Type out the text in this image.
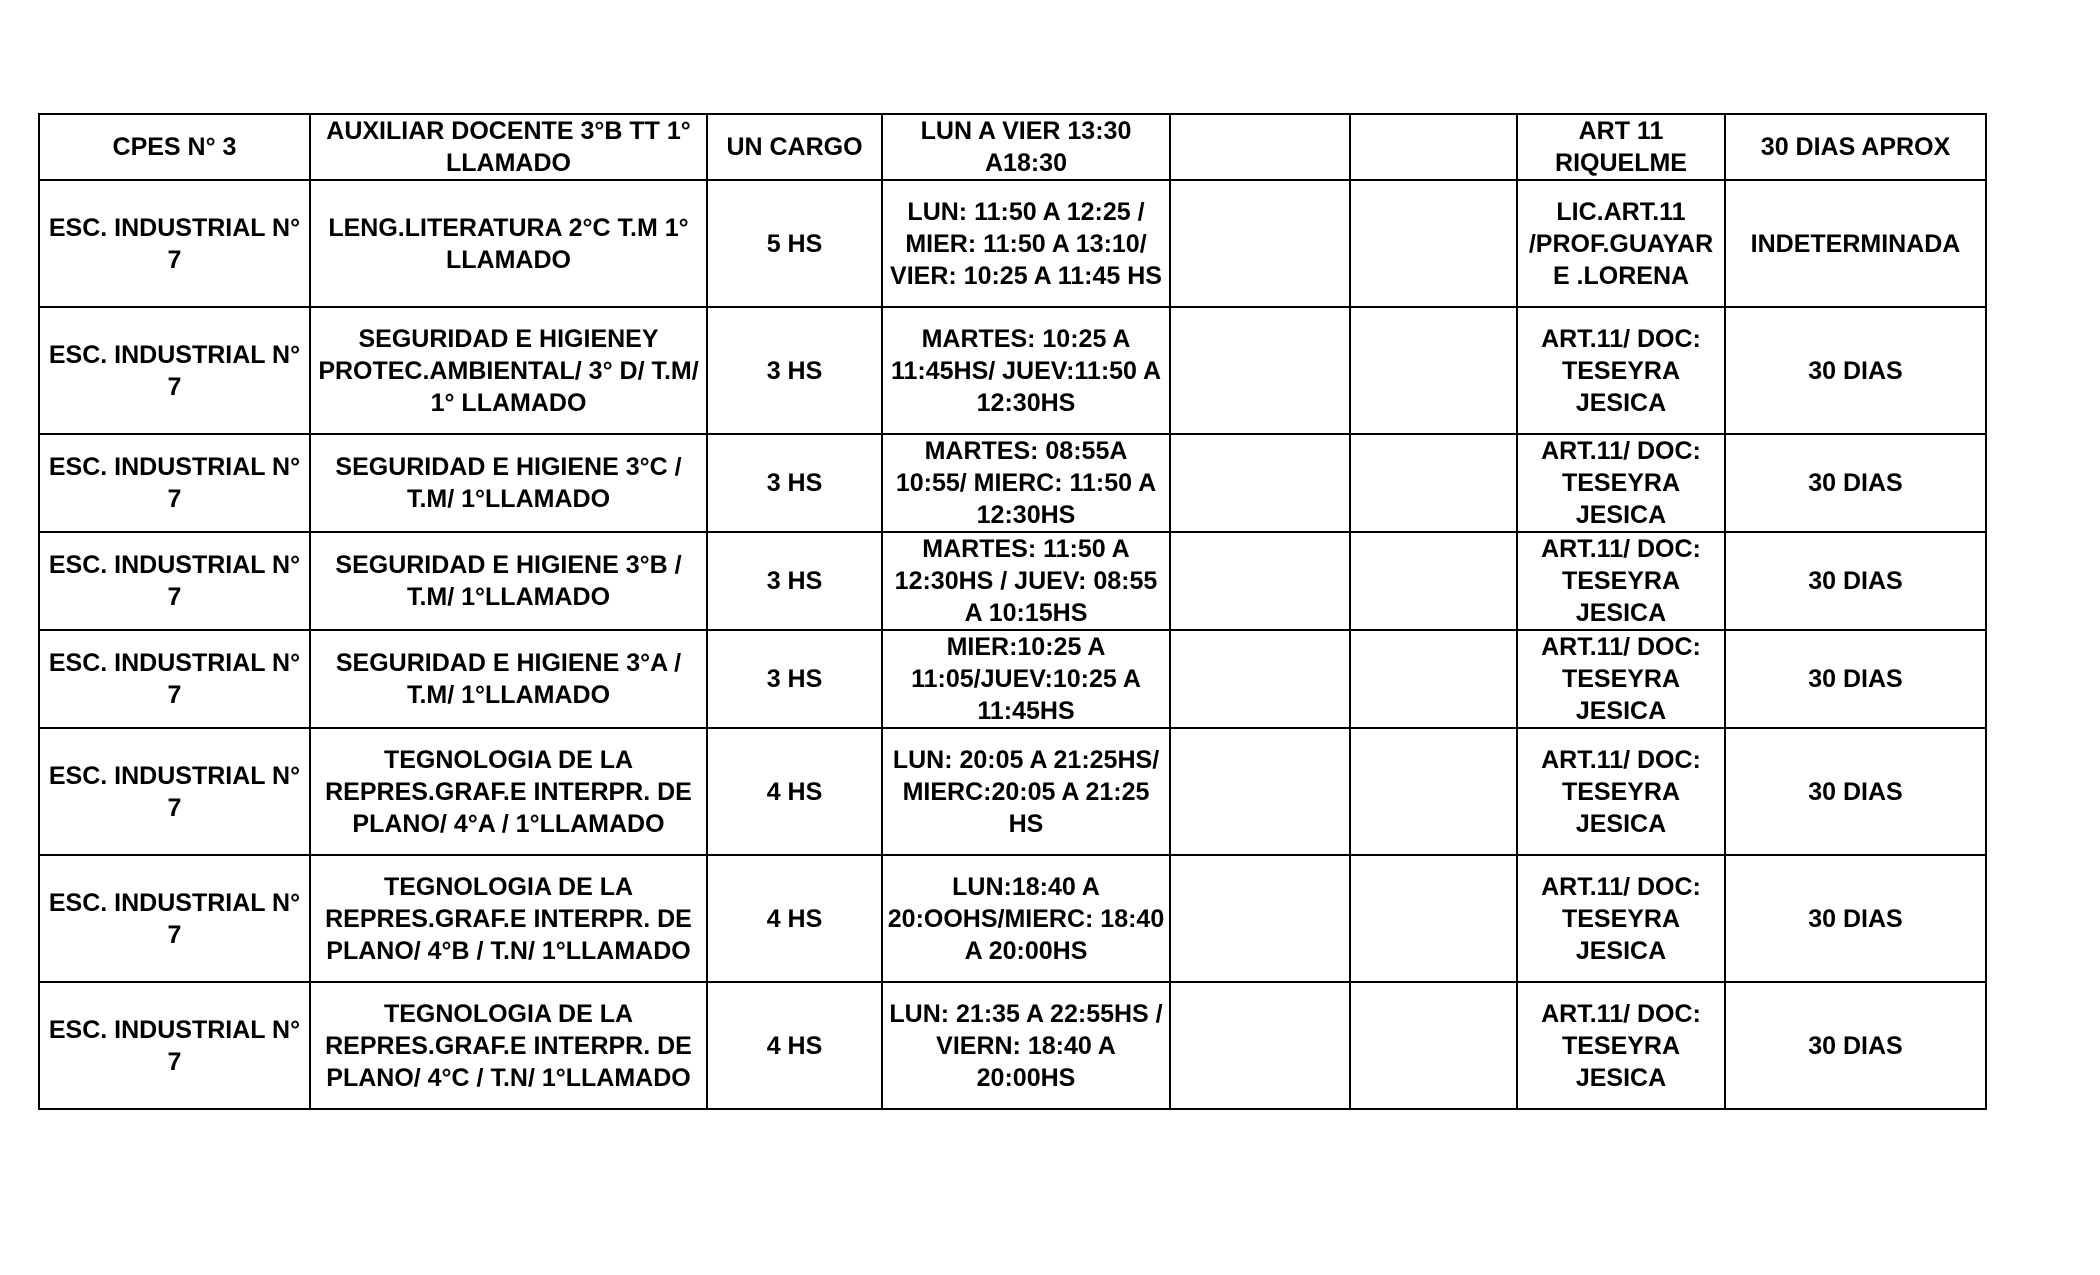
CPES N° 3	AUXILIAR DOCENTE 3°B TT 1° LLAMADO	UN CARGO	LUN A VIER 13:30 A18:30			ART 11 RIQUELME	30 DIAS APROX
ESC. INDUSTRIAL N° 7	LENG.LITERATURA 2°C T.M 1° LLAMADO	5 HS	LUN: 11:50 A 12:25 / MIER: 11:50 A 13:10/ VIER: 10:25 A 11:45 HS			LIC.ART.11 /PROF.GUAYAR E .LORENA	INDETERMINADA
ESC. INDUSTRIAL N° 7	SEGURIDAD E HIGIENEY PROTEC.AMBIENTAL/ 3° D/ T.M/ 1° LLAMADO	3 HS	MARTES: 10:25 A 11:45HS/ JUEV:11:50 A 12:30HS			ART.11/ DOC: TESEYRA JESICA	30 DIAS
ESC. INDUSTRIAL N° 7	SEGURIDAD E HIGIENE 3°C / T.M/ 1°LLAMADO	3 HS	MARTES: 08:55A 10:55/ MIERC: 11:50 A 12:30HS			ART.11/ DOC: TESEYRA JESICA	30 DIAS
ESC. INDUSTRIAL N° 7	SEGURIDAD E HIGIENE 3°B / T.M/ 1°LLAMADO	3 HS	MARTES: 11:50 A 12:30HS / JUEV: 08:55 A 10:15HS			ART.11/ DOC: TESEYRA JESICA	30 DIAS
ESC. INDUSTRIAL N° 7	SEGURIDAD E HIGIENE 3°A / T.M/ 1°LLAMADO	3 HS	MIER:10:25 A 11:05/JUEV:10:25 A 11:45HS			ART.11/ DOC: TESEYRA JESICA	30 DIAS
ESC. INDUSTRIAL N° 7	TEGNOLOGIA DE LA REPRES.GRAF.E INTERPR. DE PLANO/ 4°A / 1°LLAMADO	4 HS	LUN: 20:05 A 21:25HS/ MIERC:20:05 A 21:25 HS			ART.11/ DOC: TESEYRA JESICA	30 DIAS
ESC. INDUSTRIAL N° 7	TEGNOLOGIA DE LA REPRES.GRAF.E INTERPR. DE PLANO/ 4°B / T.N/ 1°LLAMADO	4 HS	LUN:18:40 A 20:OOHS/MIERC: 18:40 A 20:00HS			ART.11/ DOC: TESEYRA JESICA	30 DIAS
ESC. INDUSTRIAL N° 7	TEGNOLOGIA DE LA REPRES.GRAF.E INTERPR. DE PLANO/ 4°C / T.N/ 1°LLAMADO	4 HS	LUN: 21:35 A 22:55HS / VIERN: 18:40 A 20:00HS			ART.11/ DOC: TESEYRA JESICA	30 DIAS
